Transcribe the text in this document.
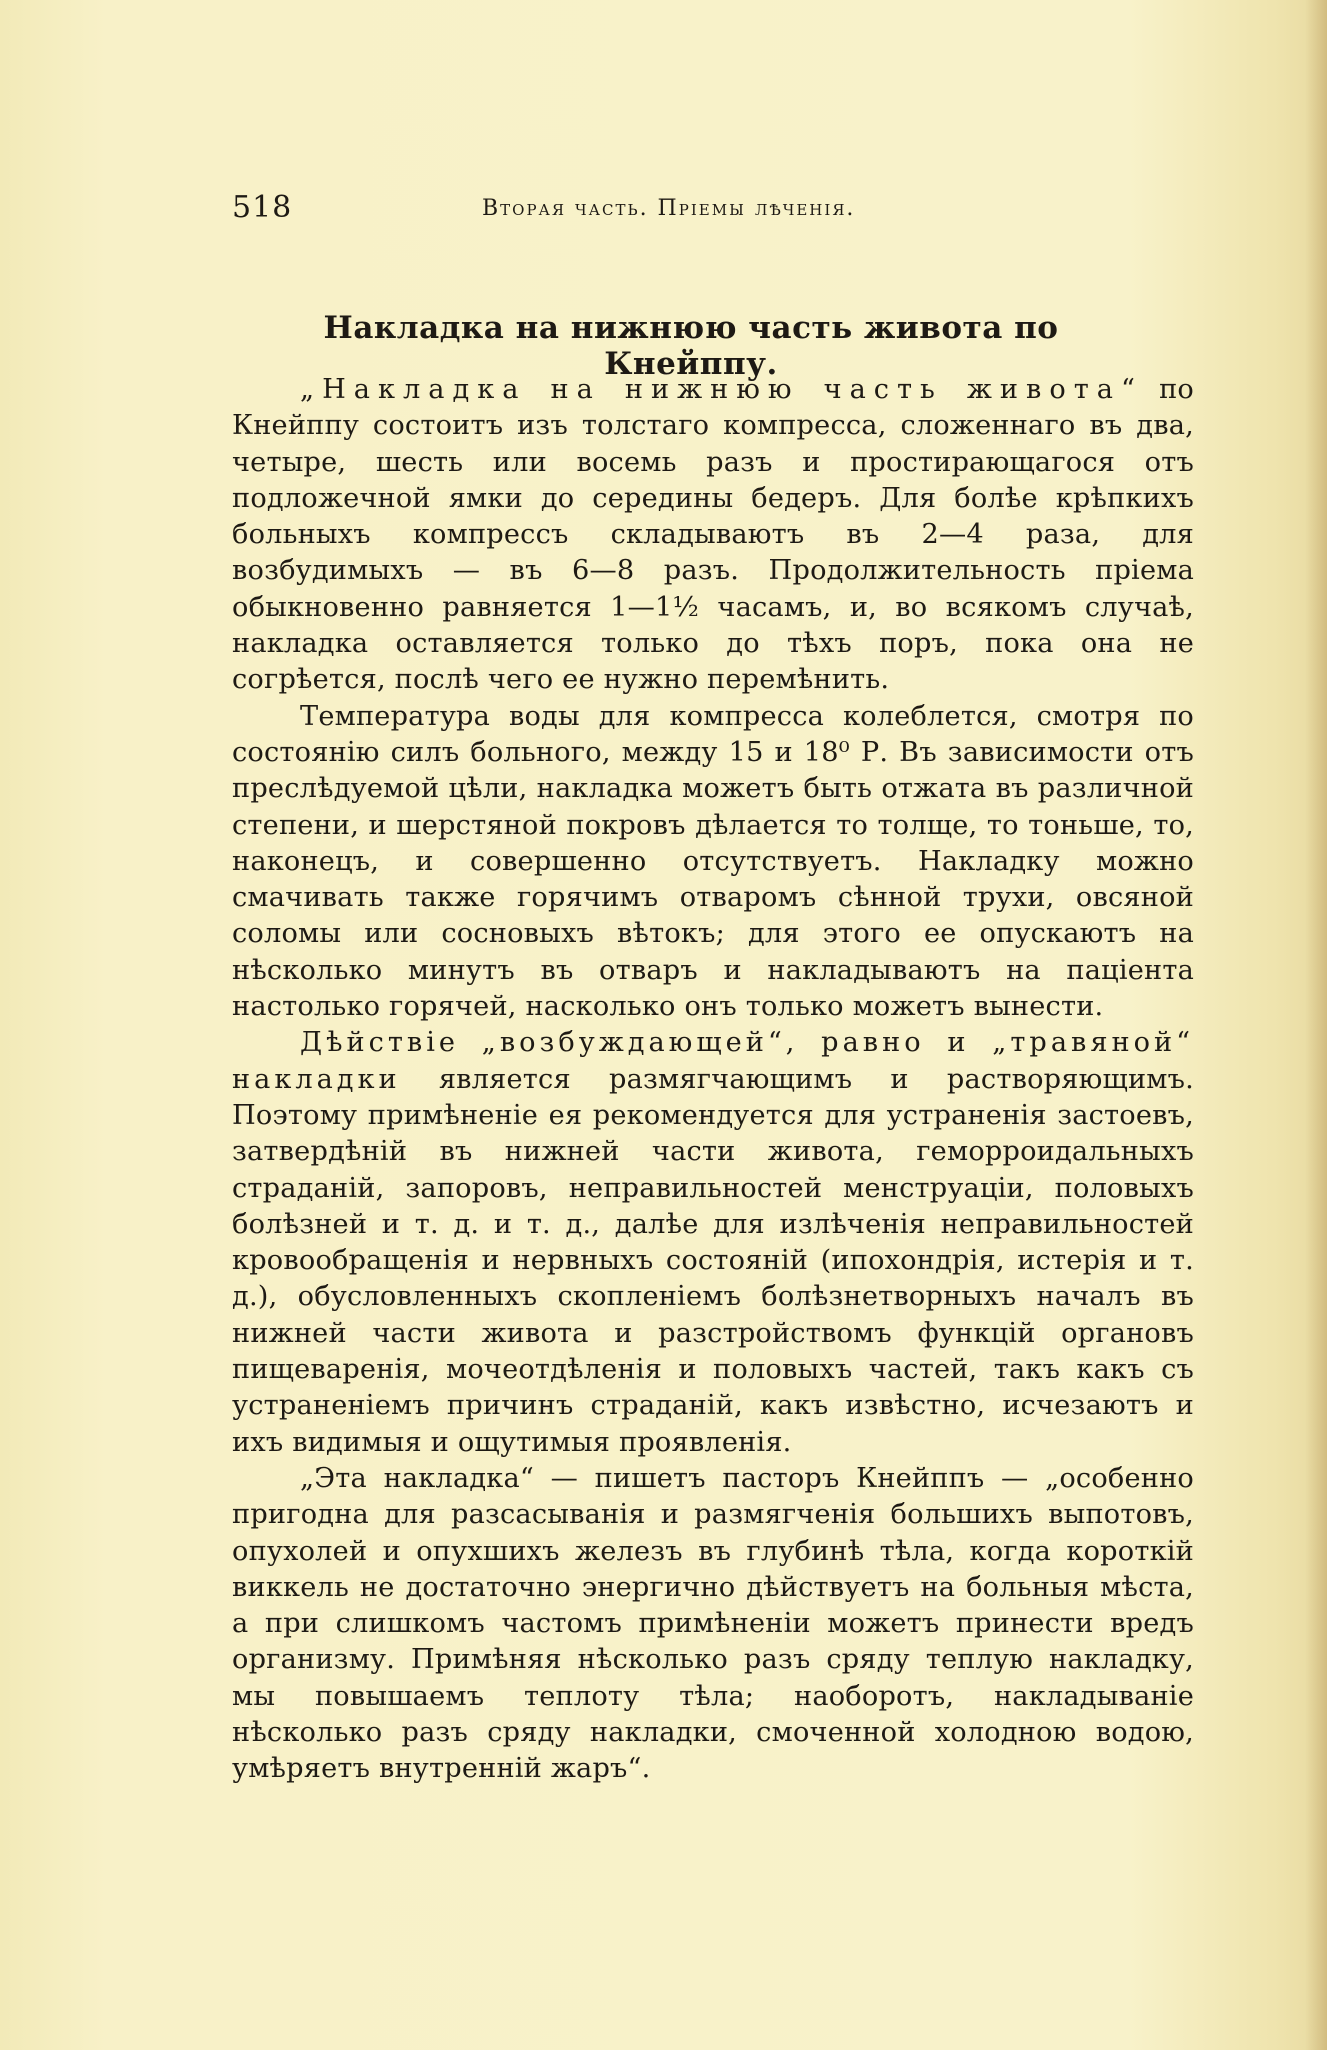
518	Вторая часть. Пріемы лѣченія.
Накладка на нижнюю часть живота по Кнейппу.

„Накладка на нижнюю часть живота“ по Кнейппу состоитъ изъ толстаго компресса, сложеннаго въ два, четыре, шесть или восемь разъ и простирающагося отъ подложечной ямки до середины бедеръ. Для болѣе крѣпкихъ больныхъ компрессъ складываютъ въ 2—4 раза, для возбудимыхъ — въ 6—8 разъ. Продолжительность пріема обыкновенно равняется 1—1½ часамъ, и, во всякомъ случаѣ, накладка оставляется только до тѣхъ поръ, пока она не согрѣется, послѣ чего ее нужно перемѣнить.

Температура воды для компресса колеблется, смотря по состоянію силъ больного, между 15 и 18⁰ Р. Въ зависимости отъ преслѣдуемой цѣли, накладка можетъ быть отжата въ различной степени, и шерстяной покровъ дѣлается то толще, то тоньше, то, наконецъ, и совершенно отсутствуетъ. Накладку можно смачивать также горячимъ отваромъ сѣнной трухи, овсяной соломы или сосновыхъ вѣтокъ; для этого ее опускаютъ на нѣсколько минутъ въ отваръ и накладываютъ на паціента настолько горячей, насколько онъ только можетъ вынести.

Дѣйствіе „возбуждающей“, равно и „травяной“ накладки является размягчающимъ и растворяющимъ. Поэтому примѣненіе ея рекомендуется для устраненія застоевъ, затвердѣній въ нижней части живота, геморроидальныхъ страданій, запоровъ, неправильностей менструаціи, половыхъ болѣзней и т. д. и т. д., далѣе для излѣченія неправильностей кровообращенія и нервныхъ состояній (ипохондрія, истерія и т. д.), обусловленныхъ скопленіемъ болѣзнетворныхъ началъ въ нижней части живота и разстройствомъ функцій органовъ пищеваренія, мочеотдѣленія и половыхъ частей, такъ какъ съ устраненіемъ причинъ страданій, какъ извѣстно, исчезаютъ и ихъ видимыя и ощутимыя проявленія.

„Эта накладка“ — пишетъ пасторъ Кнейппъ — „особенно пригодна для разсасыванія и размягченія большихъ выпотовъ, опухолей и опухшихъ железъ въ глубинѣ тѣла, когда короткій виккель не достаточно энергично дѣйствуетъ на больныя мѣста, а при слишкомъ частомъ примѣненіи можетъ принести вредъ организму. Примѣняя нѣсколько разъ сряду теплую накладку, мы повышаемъ теплоту тѣла; наоборотъ, накладываніе нѣсколько разъ сряду накладки, смоченной холодною водою, умѣряетъ внутренній жаръ“.
